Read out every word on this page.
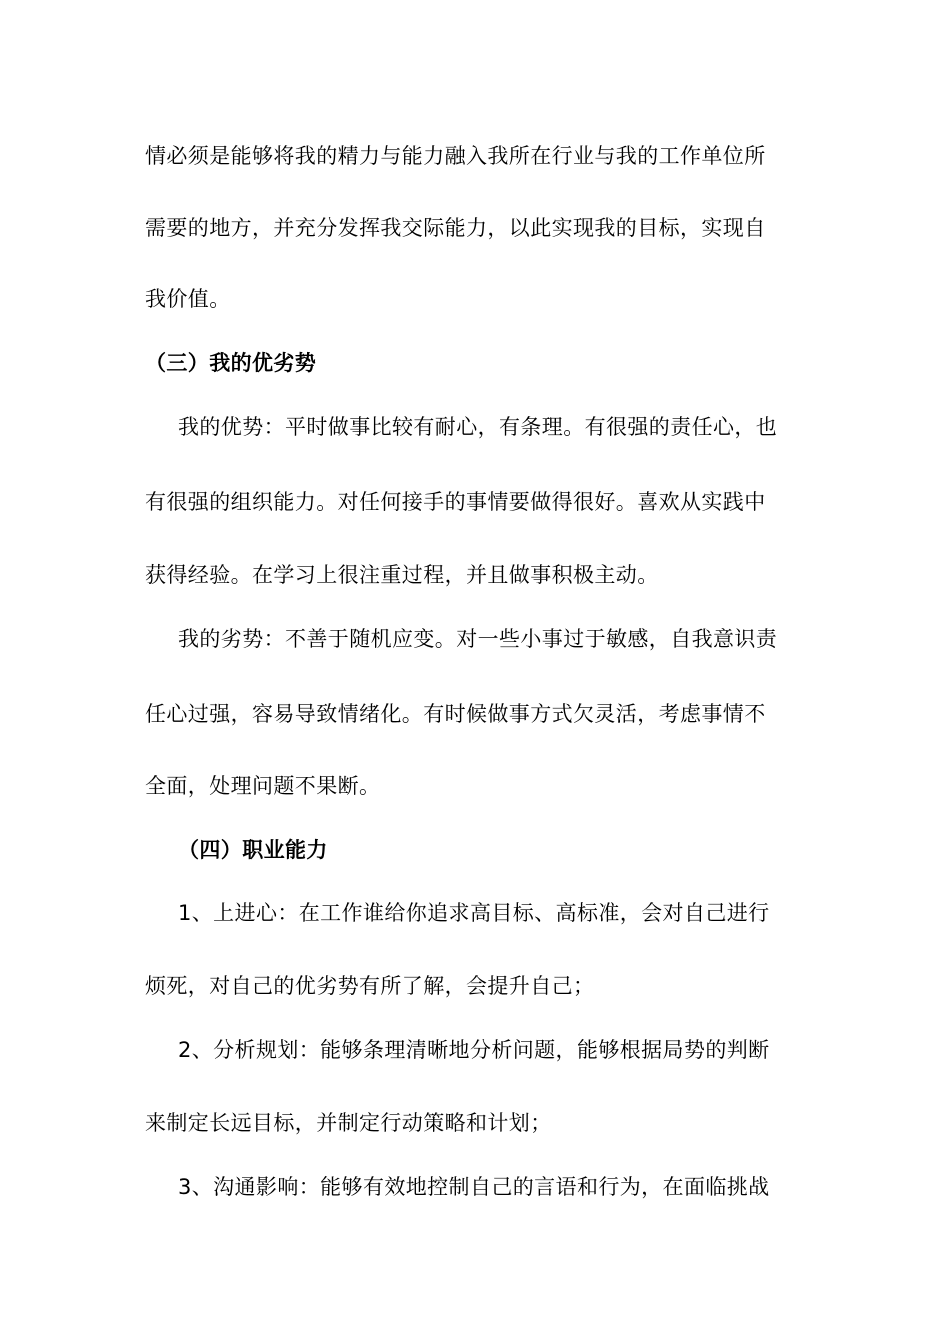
情必须是能够将我的精力与能力融入我所在行业与我的工作单位所
需要的地方，并充分发挥我交际能力，以此实现我的目标，实现自
我价值。
（三）我的优劣势
我的优势：平时做事比较有耐心，有条理。有很强的责任心，也
有很强的组织能力。对任何接手的事情要做得很好。喜欢从实践中
获得经验。在学习上很注重过程，并且做事积极主动。
我的劣势：不善于随机应变。对一些小事过于敏感，自我意识责
任心过强，容易导致情绪化。有时候做事方式欠灵活，考虑事情不
全面，处理问题不果断。
（四）职业能力
1、上进心：在工作谁给你追求高目标、高标准，会对自己进行
烦死，对自己的优劣势有所了解，会提升自己；
2、分析规划：能够条理清晰地分析问题，能够根据局势的判断
来制定长远目标，并制定行动策略和计划；
3、沟通影响：能够有效地控制自己的言语和行为，在面临挑战
